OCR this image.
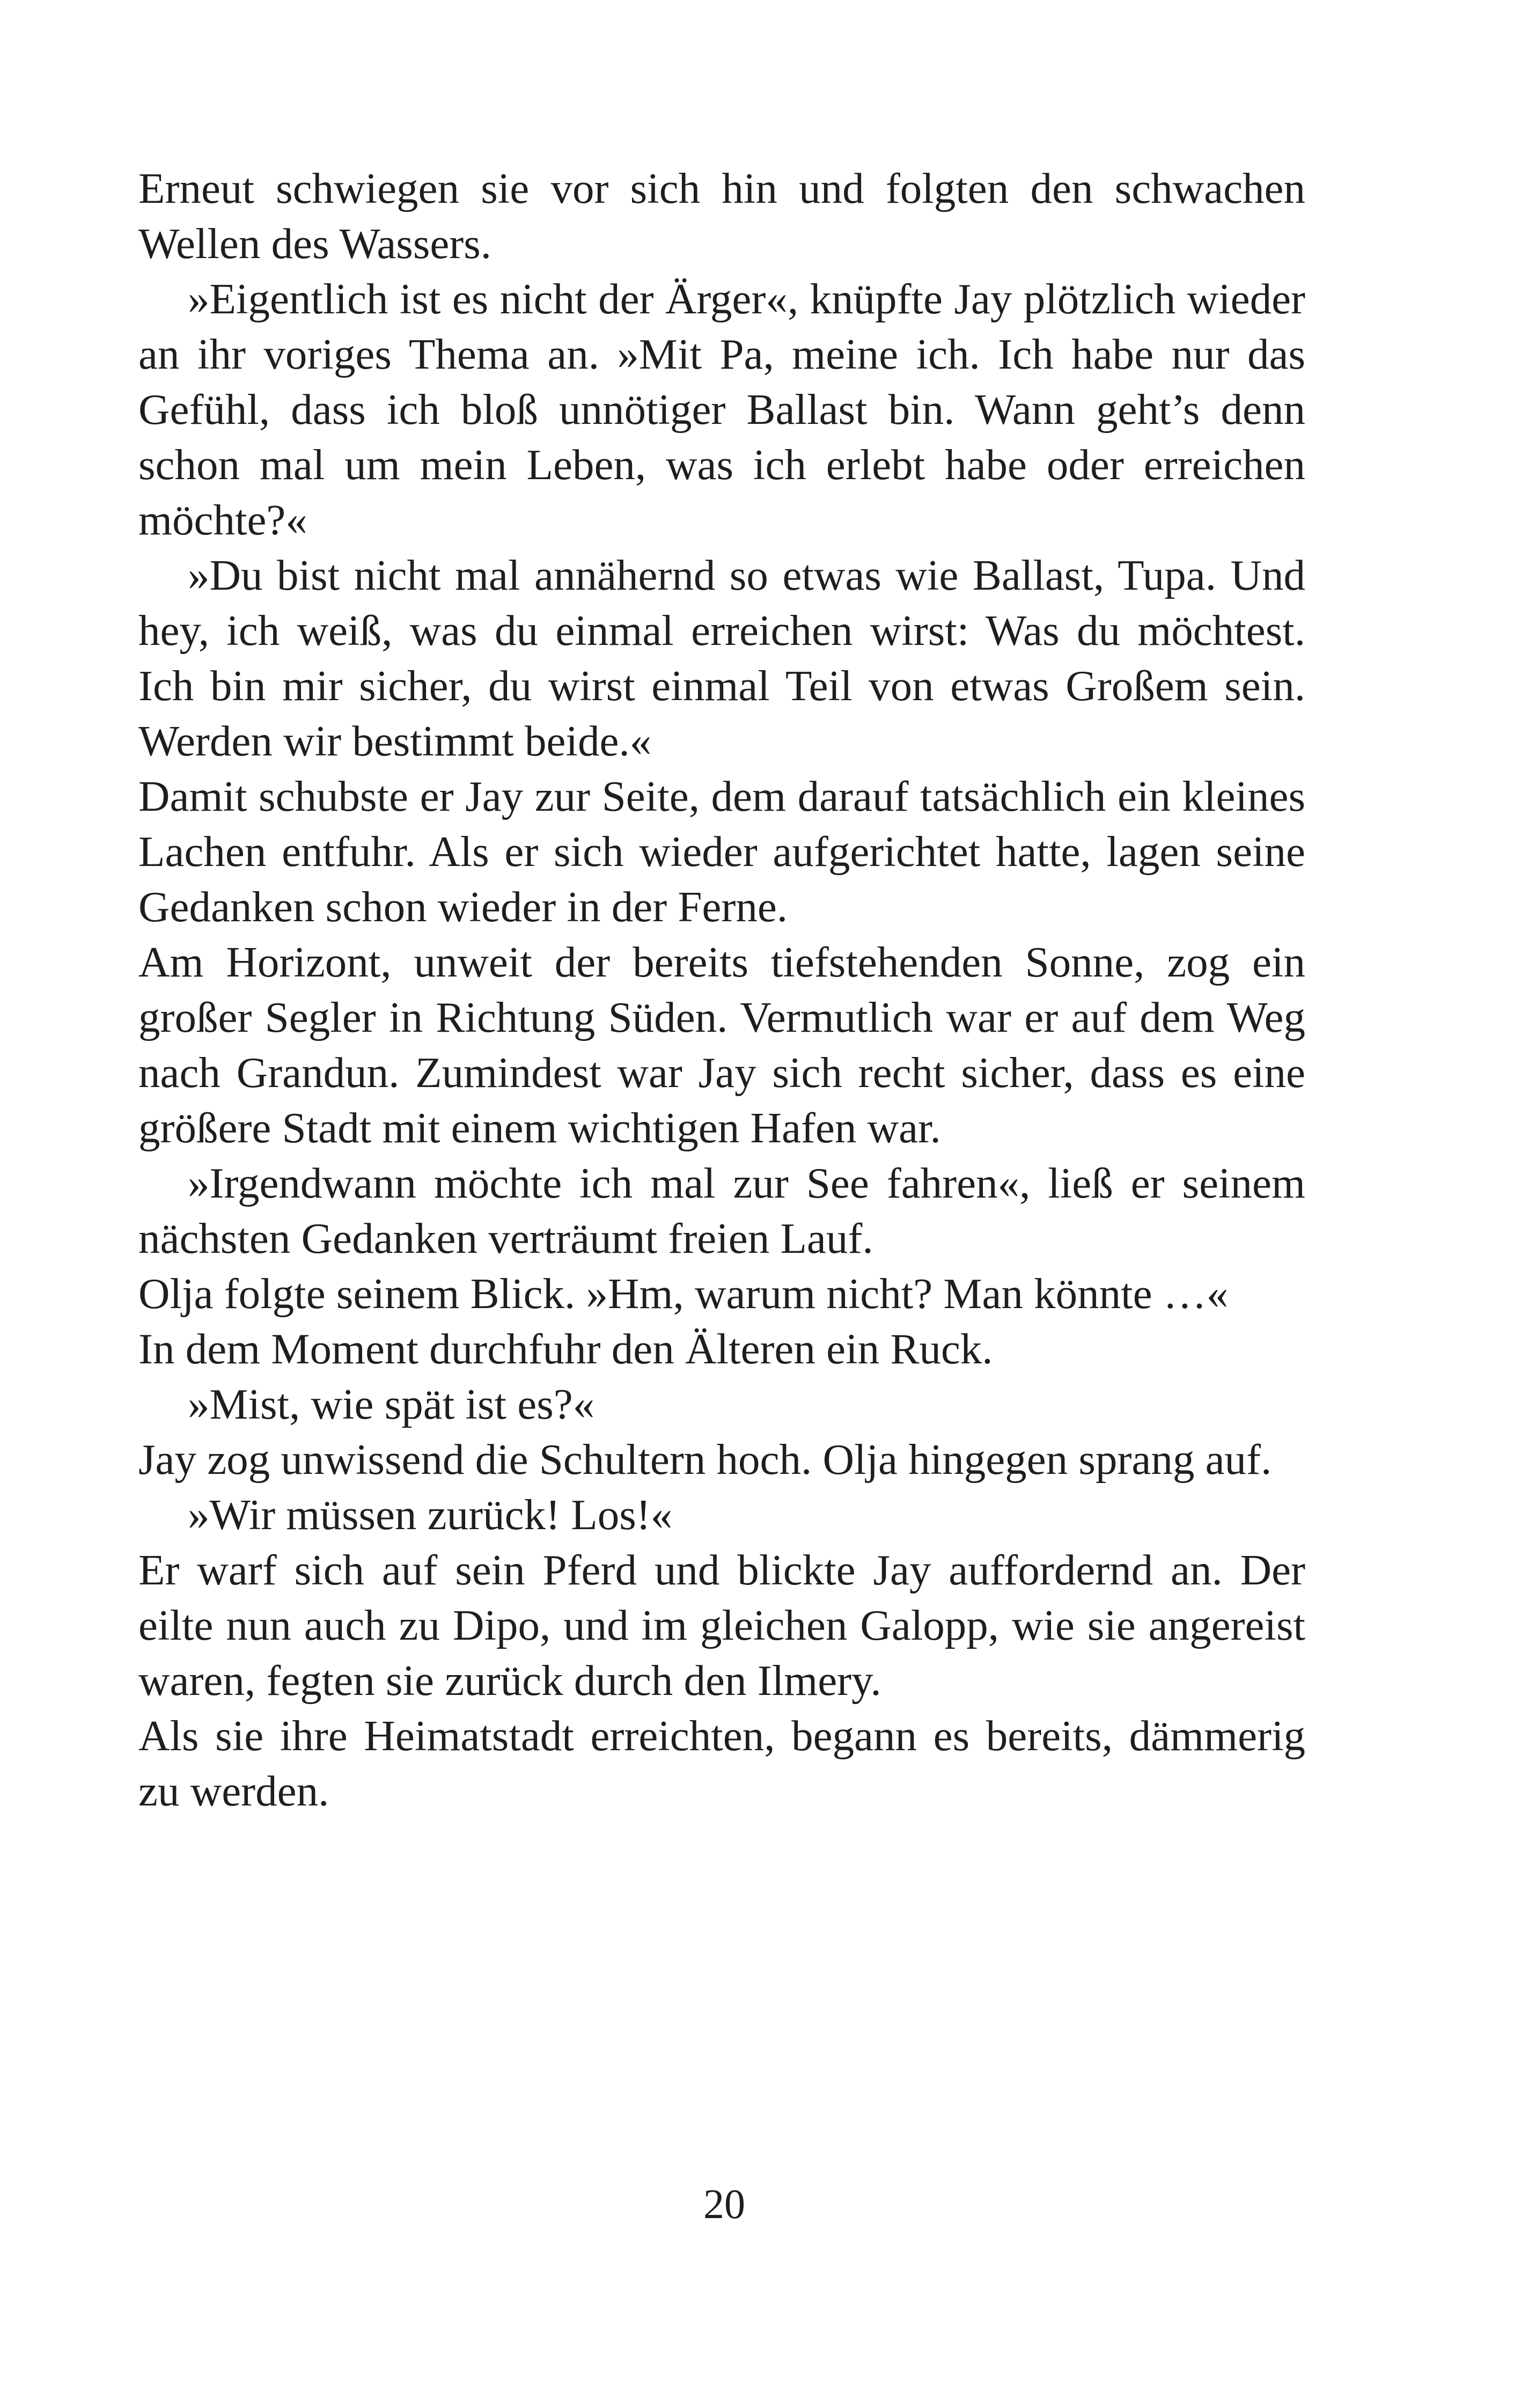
Erneut schwiegen sie vor sich hin und folgten den schwachen Wellen des Wassers.

»Eigentlich ist es nicht der Ärger«, knüpfte Jay plötzlich wieder an ihr voriges Thema an. »Mit Pa, meine ich. Ich habe nur das Gefühl, dass ich bloß unnötiger Ballast bin. Wann geht’s denn schon mal um mein Leben, was ich erlebt habe oder erreichen möchte?«

»Du bist nicht mal annähernd so etwas wie Ballast, Tupa. Und hey, ich weiß, was du einmal erreichen wirst: Was du möchtest. Ich bin mir sicher, du wirst einmal Teil von etwas Großem sein. Werden wir bestimmt beide.«

Damit schubste er Jay zur Seite, dem darauf tatsächlich ein kleines Lachen entfuhr. Als er sich wieder aufgerichtet hatte, lagen seine Gedanken schon wieder in der Ferne.

Am Horizont, unweit der bereits tiefstehenden Sonne, zog ein großer Segler in Richtung Süden. Vermutlich war er auf dem Weg nach Grandun. Zumindest war Jay sich recht sicher, dass es eine größere Stadt mit einem wichtigen Hafen war.

»Irgendwann möchte ich mal zur See fahren«, ließ er seinem nächsten Gedanken verträumt freien Lauf.

Olja folgte seinem Blick. »Hm, warum nicht? Man könnte …«

In dem Moment durchfuhr den Älteren ein Ruck.

»Mist, wie spät ist es?«

Jay zog unwissend die Schultern hoch. Olja hingegen sprang auf.

»Wir müssen zurück! Los!«

Er warf sich auf sein Pferd und blickte Jay auffordernd an. Der eilte nun auch zu Dipo, und im gleichen Galopp, wie sie angereist waren, fegten sie zurück durch den Ilmery.

Als sie ihre Heimatstadt erreichten, begann es bereits, dämmerig zu werden.

20
